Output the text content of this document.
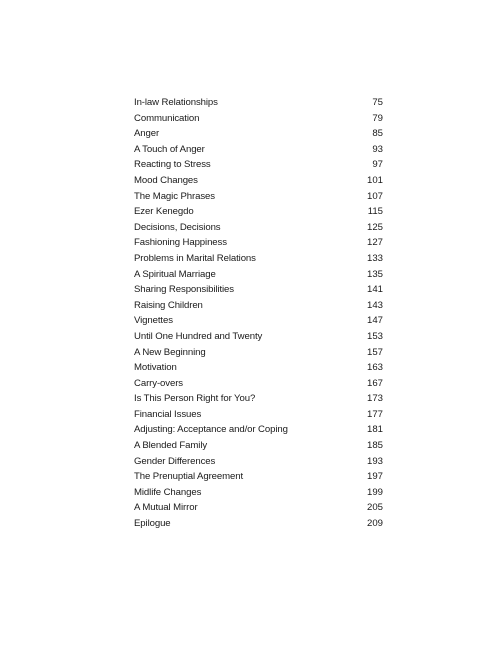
In-law Relationships	75
Communication	79
Anger	85
A Touch of Anger	93
Reacting to Stress	97
Mood Changes	101
The Magic Phrases	107
Ezer Kenegdo	115
Decisions, Decisions	125
Fashioning Happiness	127
Problems in Marital Relations	133
A Spiritual Marriage	135
Sharing Responsibilities	141
Raising Children	143
Vignettes	147
Until One Hundred and Twenty	153
A New Beginning	157
Motivation	163
Carry-overs	167
Is This Person Right for You?	173
Financial Issues	177
Adjusting: Acceptance and/or Coping	181
A Blended Family	185
Gender Differences	193
The Prenuptial Agreement	197
Midlife Changes	199
A Mutual Mirror	205
Epilogue	209
